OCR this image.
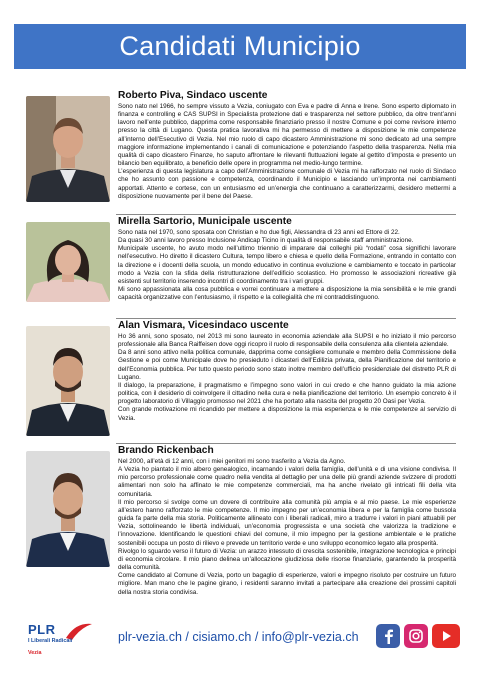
Candidati Municipio

Roberto Piva, Sindaco uscente

Sono nato nel 1966, ho sempre vissuto a Vezia, coniugato con Eva e padre di Anna e Irene. Sono esperto diplomato in finanza e controlling e CAS SUPSI in Specialista protezione dati e trasparenza nel settore pubblico, da oltre trent’anni lavoro nell’ente pubblico, dapprima come responsabile finanziario presso il nostre Comune e poi come revisore interno presso la città di Lugano. Questa pratica lavorativa mi ha permesso di mettere a disposizione le mie competenze all’interno dell’Esecutivo di Vezia. Nel mio ruolo di capo dicastero Amministrazione mi sono dedicato ad una sempre maggiore informazione implementando i canali di comunicazione e potenziando l’aspetto della trasparenza. Nella mia qualità di capo dicastero Finanze, ho saputo affrontare le rilevanti fluttuazioni legate al gettito d’imposta e presento un bilancio ben equilibrato, a beneficio delle opere in programma nel medio-lungo termine.

L’esperienza di questa legislatura a capo dell’Amministrazione comunale di Vezia mi ha rafforzato nel ruolo di Sindaco che ho assunto con passione e competenza, coordinando il Municipio e lasciando un’impronta nei cambiamenti apportati. Attento e cortese, con un entusiasmo ed un’energia che continuano a caratterizzarmi, desidero mettermi a disposizione nuovamente per il bene del Paese.

Mirella Sartorio, Municipale uscente

Sono nata nel 1970, sono sposata con Christian e ho due figli, Alessandra di 23 anni ed Ettore di 22.

Da quasi 30 anni lavoro presso Inclusione Andicap Ticino in qualità di responsabile staff amministrazione.

Municipale uscente, ho avuto modo nell’ultimo triennio di imparare dai colleghi più “rodati” cosa significhi lavorare nell’esecutivo. Ho diretto il dicastero Cultura, tempo libero e chiesa e quello della Formazione, entrando in contatto con la direzione e i docenti della scuola, un mondo educativo in continua evoluzione e cambiamento e toccato in particolar modo a Vezia con la sfida della ristrutturazione dell’edificio scolastico. Ho promosso le associazioni ricreative già esistenti sul territorio inserendo incontri di coordinamento tra i vari gruppi.

Mi sono appassionata alla cosa pubblica e vorrei continuare a mettere a disposizione la mia sensibilità e le mie grandi capacità organizzative con l’entusiasmo, il rispetto e la collegialità che mi contraddistinguono.

Alan Vismara, Vicesindaco uscente

Ho 36 anni, sono sposato, nel 2013 mi sono laureato in economia aziendale alla SUPSI e ho iniziato il mio percorso professionale alla Banca Raiffeisen dove oggi ricopro il ruolo di responsabile della consulenza alla clientela aziendale.

Da 8 anni sono attivo nella politica comunale, dapprima come consigliere comunale e membro della Commissione della Gestione e poi come Municipale dove ho presieduto i dicasteri dell’Edilizia privata, della Pianificazione del territorio e dell’Economia pubblica. Per tutto questo periodo sono stato inoltre membro dell’ufficio presidenziale del distretto PLR di Lugano.

Il dialogo, la preparazione, il pragmatismo e l’impegno sono valori in cui credo e che hanno guidato la mia azione politica, con il desiderio di coinvolgere il cittadino nella cura e nella pianificazione del territorio. Un esempio concreto è il progetto laboratorio di Villaggio promosso nel 2021 che ha portato alla nascita del progetto 20 Oasi per Vezia.

Con grande motivazione mi ricandido per mettere a disposizione la mia esperienza e le mie competenze al servizio di Vezia.

Brando Rickenbach

Nel 2000, all’età di 12 anni, con i miei genitori mi sono trasferito a Vezia da Agno.

A Vezia ho piantato il mio albero genealogico, incarnando i valori della famiglia, dell’unità e di una visione condivisa. Il mio percorso professionale come quadro nella vendita al dettaglio per una delle più grandi aziende svizzere di prodotti alimentari non solo ha affinato le mie competenze commerciali, ma ha anche rivelato gli intricati fili della vita comunitaria.

Il mio percorso si svolge come un dovere di contribuire alla comunità più ampia e al mio paese. Le mie esperienze all’estero hanno rafforzato le mie competenze. Il mio impegno per un’economia libera e per la famiglia come bussola guida fa parte della mia storia. Politicamente allineato con i liberali radicali, miro a tradurre i valori in piani attuabili per Vezia, sottolineando le libertà individuali, un’economia progressista e una società che valorizza la tradizione e l’innovazione. Identificando le questioni chiavi del comune, il mio impegno per la gestione ambientale e le pratiche sostenibili occupa un posto di rilievo e prevede un territorio verde e uno sviluppo economico legato alla prosperità.

Rivolgo lo sguardo verso il futuro di Vezia: un arazzo intessuto di crescita sostenibile, integrazione tecnologica e principi di economia circolare. Il mio piano delinea un’allocazione giudiziosa delle risorse finanziarie, garantendo la prosperità della comunità.

Come candidato al Comune di Vezia, porto un bagaglio di esperienze, valori e impegno risoluto per costruire un futuro migliore. Man mano che le pagine girano, i residenti saranno invitati a partecipare alla creazione dei prossimi capitoli della nostra storia condivisa.

PLR
I Liberali Radicali
Vezia
plr-vezia.ch / cisiamo.ch / info@plr-vezia.ch
